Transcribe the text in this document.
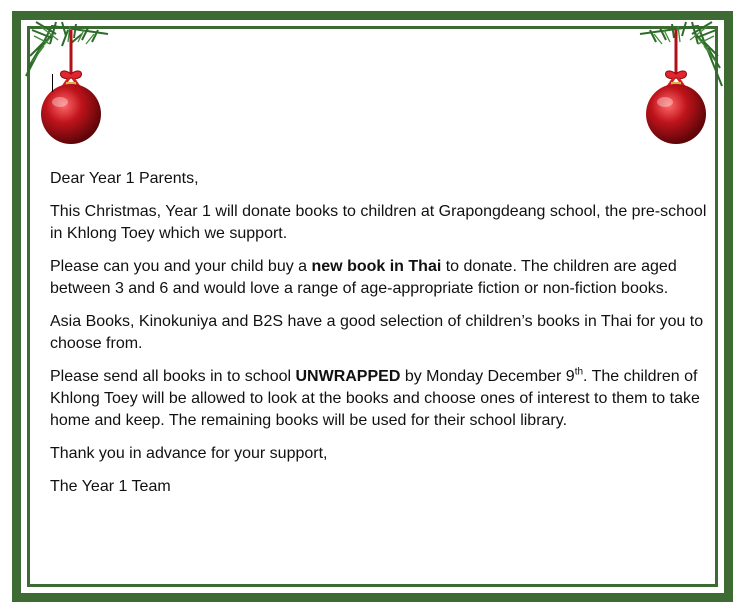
Dear Year 1 Parents,

This Christmas, Year 1 will donate books to children at Grapongdeang school, the pre-school in Khlong Toey which we support.

Please can you and your child buy a new book in Thai to donate. The children are aged between 3 and 6 and would love a range of age-appropriate fiction or non-fiction books.

Asia Books, Kinokuniya and B2S have a good selection of children’s books in Thai for you to choose from.

Please send all books in to school UNWRAPPED by Monday December 9th. The children of Khlong Toey will be allowed to look at the books and choose ones of interest to them to take home and keep. The remaining books will be used for their school library.

Thank you in advance for your support,

The Year 1 Team
